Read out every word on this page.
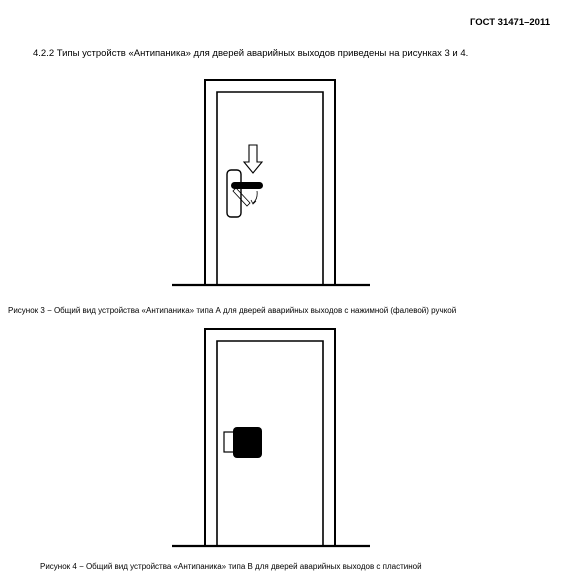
ГОСТ 31471–2011
4.2.2 Типы устройств «Антипаника» для дверей аварийных выходов приведены на рисунках 3 и 4.
Рисунок 3 − Общий вид устройства «Антипаника» типа А для дверей аварийных выходов с нажимной (фалевой) ручкой
Рисунок 4 − Общий вид устройства «Антипаника» типа В для дверей аварийных выходов с пластиной
